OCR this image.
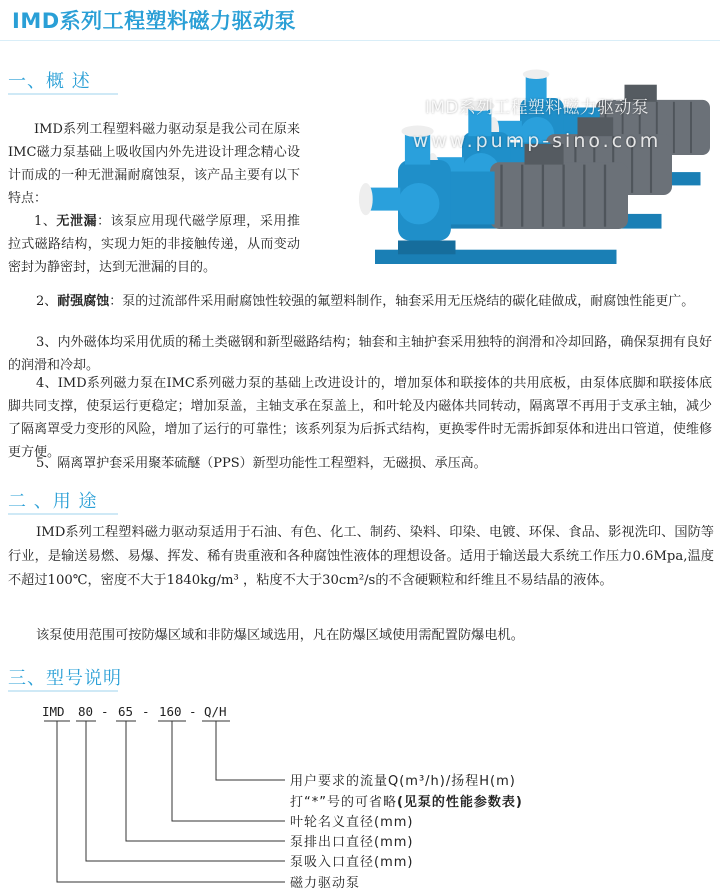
IMD系列工程塑料磁力驱动泵
一、概 述
IMD系列工程塑料磁力驱动泵
www.pump-sino.com
IMD系列工程塑料磁力驱动泵是我公司在原来IMC磁力泵基础上吸收国内外先进设计理念精心设计而成的一种无泄漏耐腐蚀泵，该产品主要有以下特点：
1、无泄漏：该泵应用现代磁学原理，采用推拉式磁路结构，实现力矩的非接触传递，从而变动密封为静密封，达到无泄漏的目的。
2、耐强腐蚀：泵的过流部件采用耐腐蚀性较强的氟塑料制作，轴套采用无压烧结的碳化硅做成，耐腐蚀性能更广。
3、内外磁体均采用优质的稀土类磁钢和新型磁路结构；轴套和主轴护套采用独特的润滑和冷却回路，确保泵拥有良好的润滑和冷却。
4、IMD系列磁力泵在IMC系列磁力泵的基础上改进设计的，增加泵体和联接体的共用底板，由泵体底脚和联接体底脚共同支撑，使泵运行更稳定；增加泵盖，主轴支承在泵盖上，和叶轮及内磁体共同转动，隔离罩不再用于支承主轴，减少了隔离罩受力变形的风险，增加了运行的可靠性；该系列泵为后拆式结构，更换零件时无需拆卸泵体和进出口管道，使维修更方便。
5、隔离罩护套采用聚苯硫醚（PPS）新型功能性工程塑料，无磁损、承压高。
二 、用 途
IMD系列工程塑料磁力驱动泵适用于石油、有色、化工、制药、染料、印染、电镀、环保、食品、影视洗印、国防等行业，是输送易燃、易爆、挥发、稀有贵重液和各种腐蚀性液体的理想设备。适用于输送最大系统工作压力0.6Mpa,温度不超过100℃，密度不大于1840kg/m³ ，粘度不大于30cm²/s的不含硬颗粒和纤维且不易结晶的液体。
该泵使用范围可按防爆区域和非防爆区域选用，凡在防爆区域使用需配置防爆电机。
三、型号说明
IMD 80 - 65 - 160 - Q/H
用户要求的流量Q(m³/h)/扬程H(m)
打“*”号的可省略(见泵的性能参数表)
叶轮名义直径(mm)
泵排出口直径(mm)
泵吸入口直径(mm)
磁力驱动泵
